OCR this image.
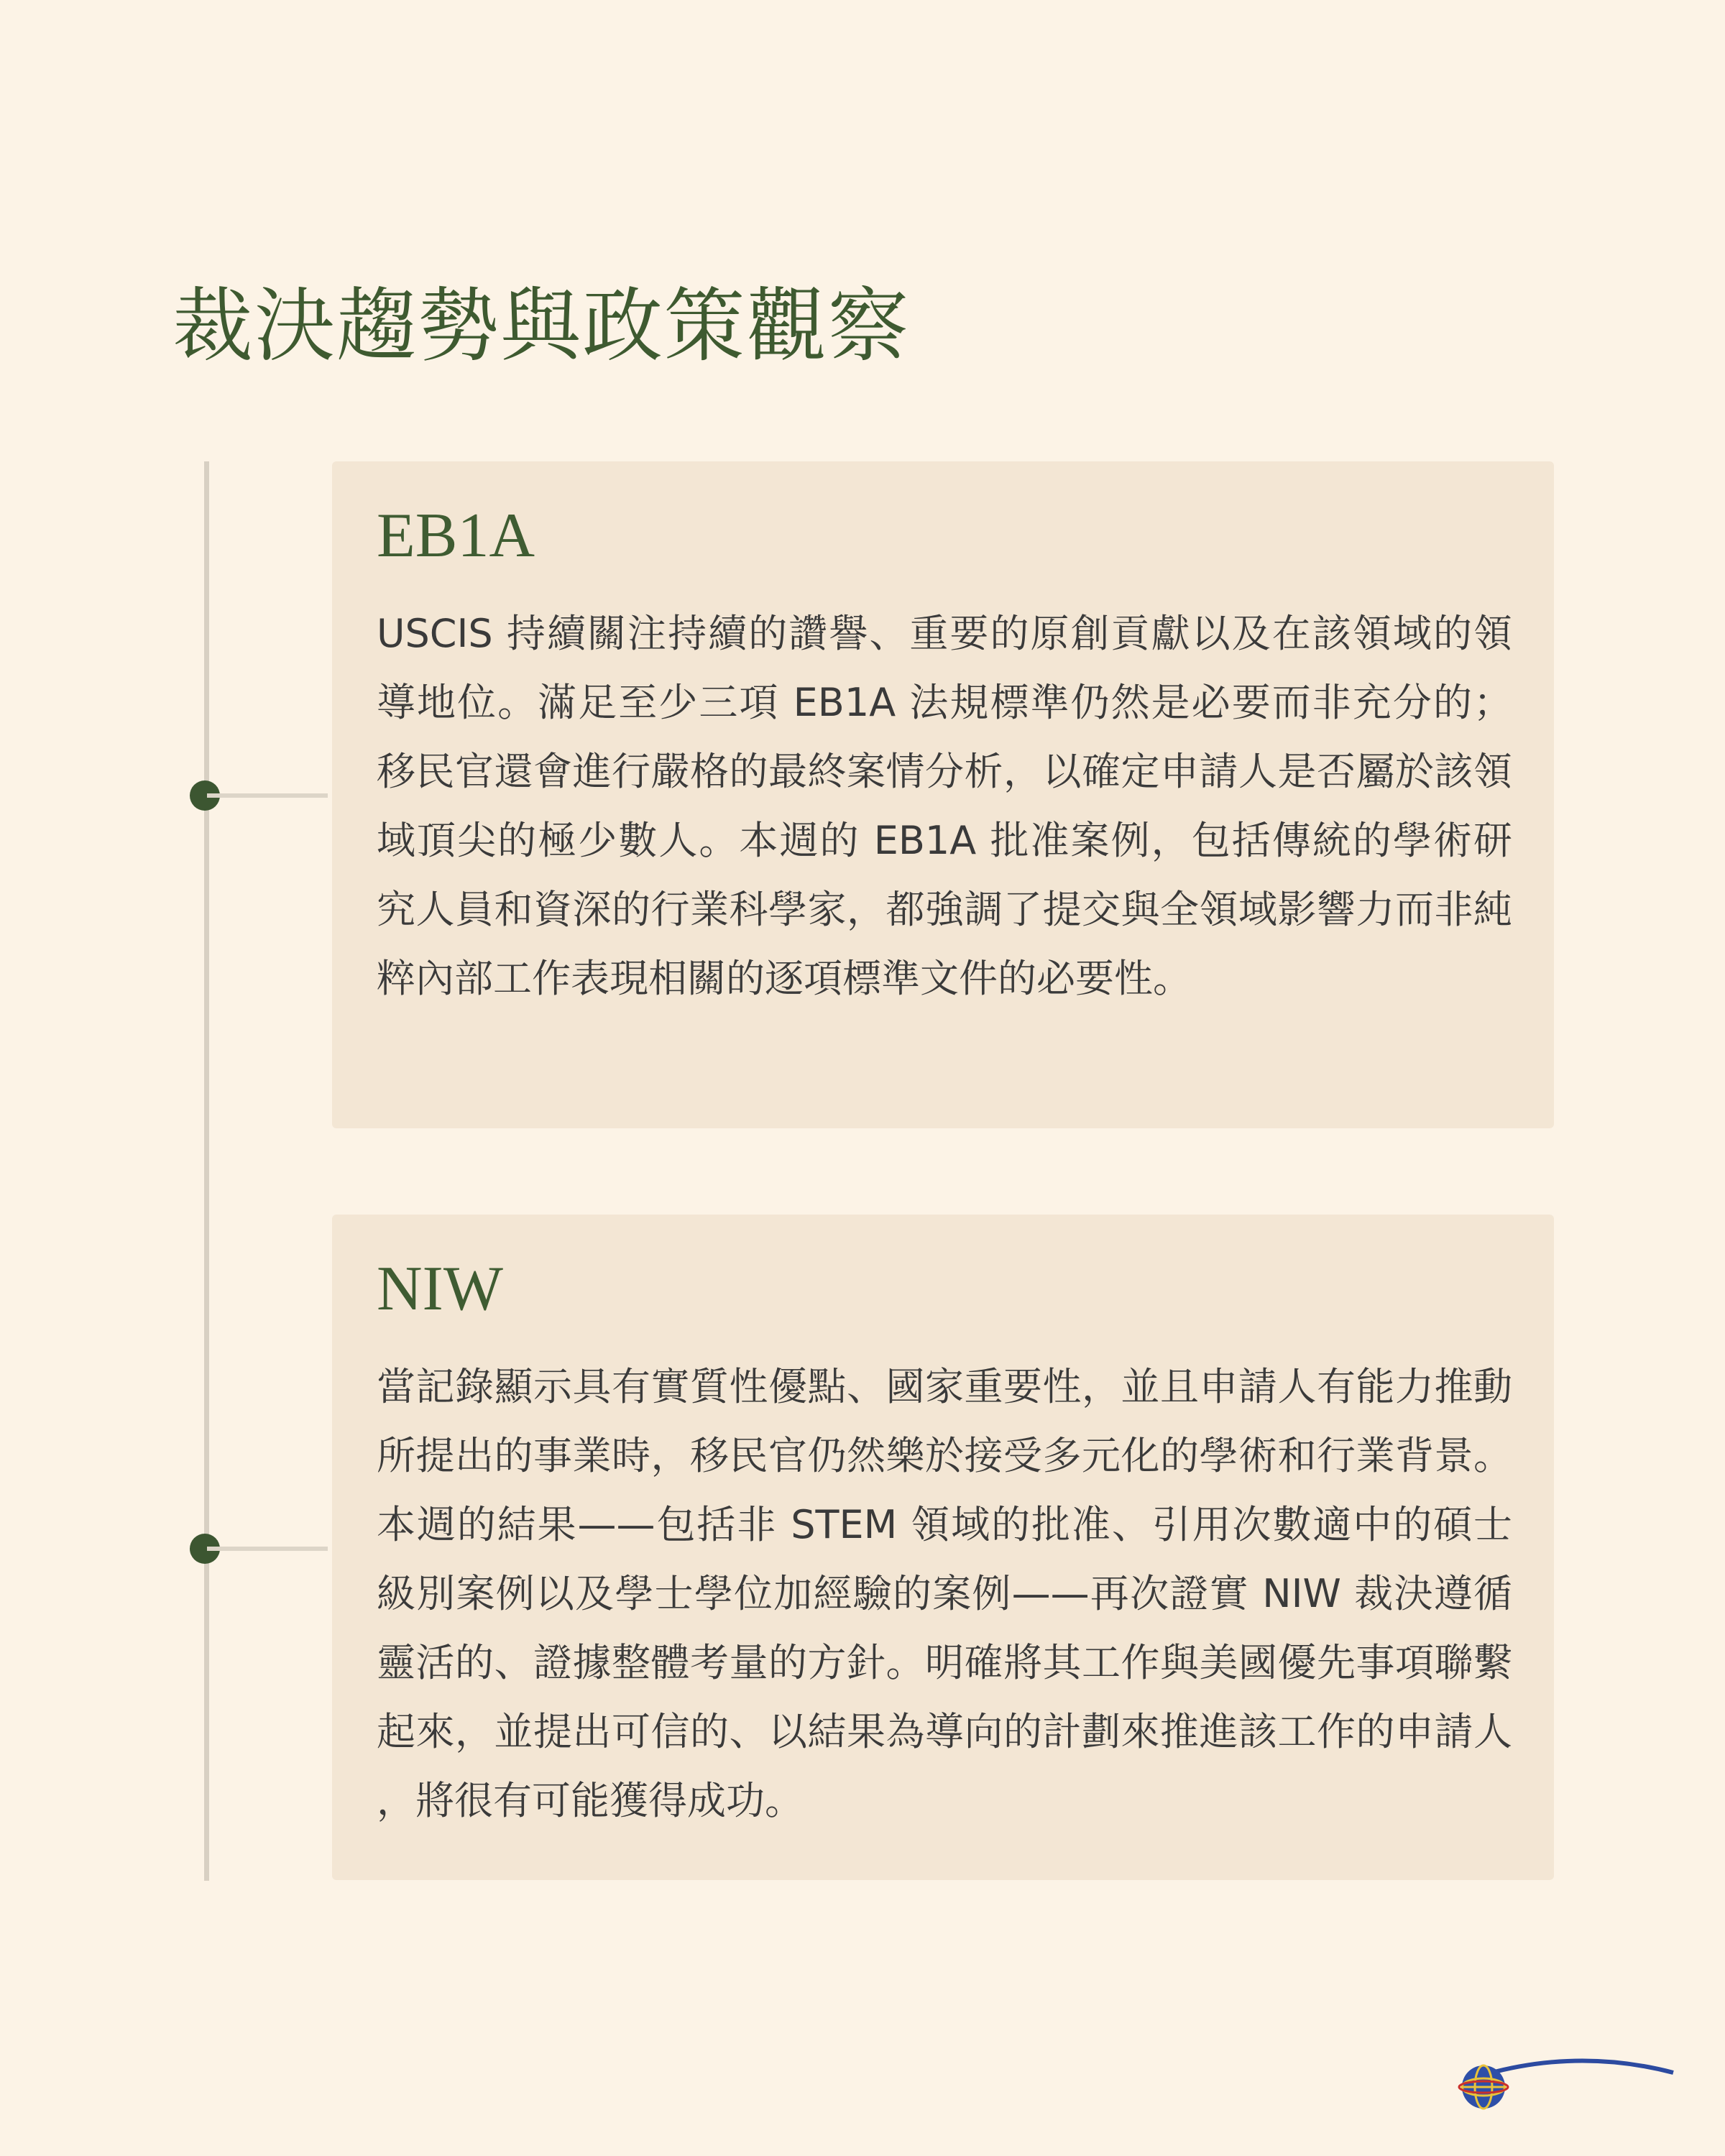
裁決趨勢與政策觀察
EB1A

USCIS 持續關注持續的讚譽、重要的原創貢獻以及在該領域的領導地位。滿足至少三項 EB1A 法規標準仍然是必要而非充分的；移民官還會進行嚴格的最終案情分析，以確定申請人是否屬於該領域頂尖的極少數人。本週的 EB1A 批准案例，包括傳統的學術研究人員和資深的行業科學家，都強調了提交與全領域影響力而非純粹內部工作表現相關的逐項標準文件的必要性。

NIW

當記錄顯示具有實質性優點、國家重要性，並且申請人有能力推動所提出的事業時，移民官仍然樂於接受多元化的學術和行業背景。本週的結果——包括非 STEM 領域的批准、引用次數適中的碩士級別案例以及學士學位加經驗的案例——再次證實 NIW 裁決遵循靈活的、證據整體考量的方針。明確將其工作與美國優先事項聯繫起來，並提出可信的、以結果為導向的計劃來推進該工作的申請人，將很有可能獲得成功。
